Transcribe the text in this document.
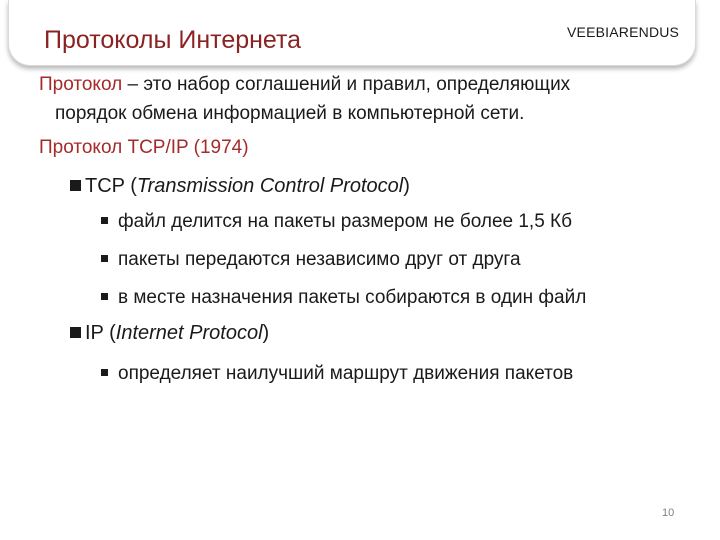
Протоколы Интернета	VEEBIARENDUS
Протокол – это набор соглашений и правил, определяющих
порядок обмена информацией в компьютерной сети.
Протокол TCP/IP (1974)
TCP (Transmission Control Protocol)
файл делится на пакеты размером не более 1,5 Кб
пакеты передаются независимо друг от друга
в месте назначения пакеты собираются в один файл
IP (Internet Protocol)
определяет наилучший маршрут движения пакетов
10
